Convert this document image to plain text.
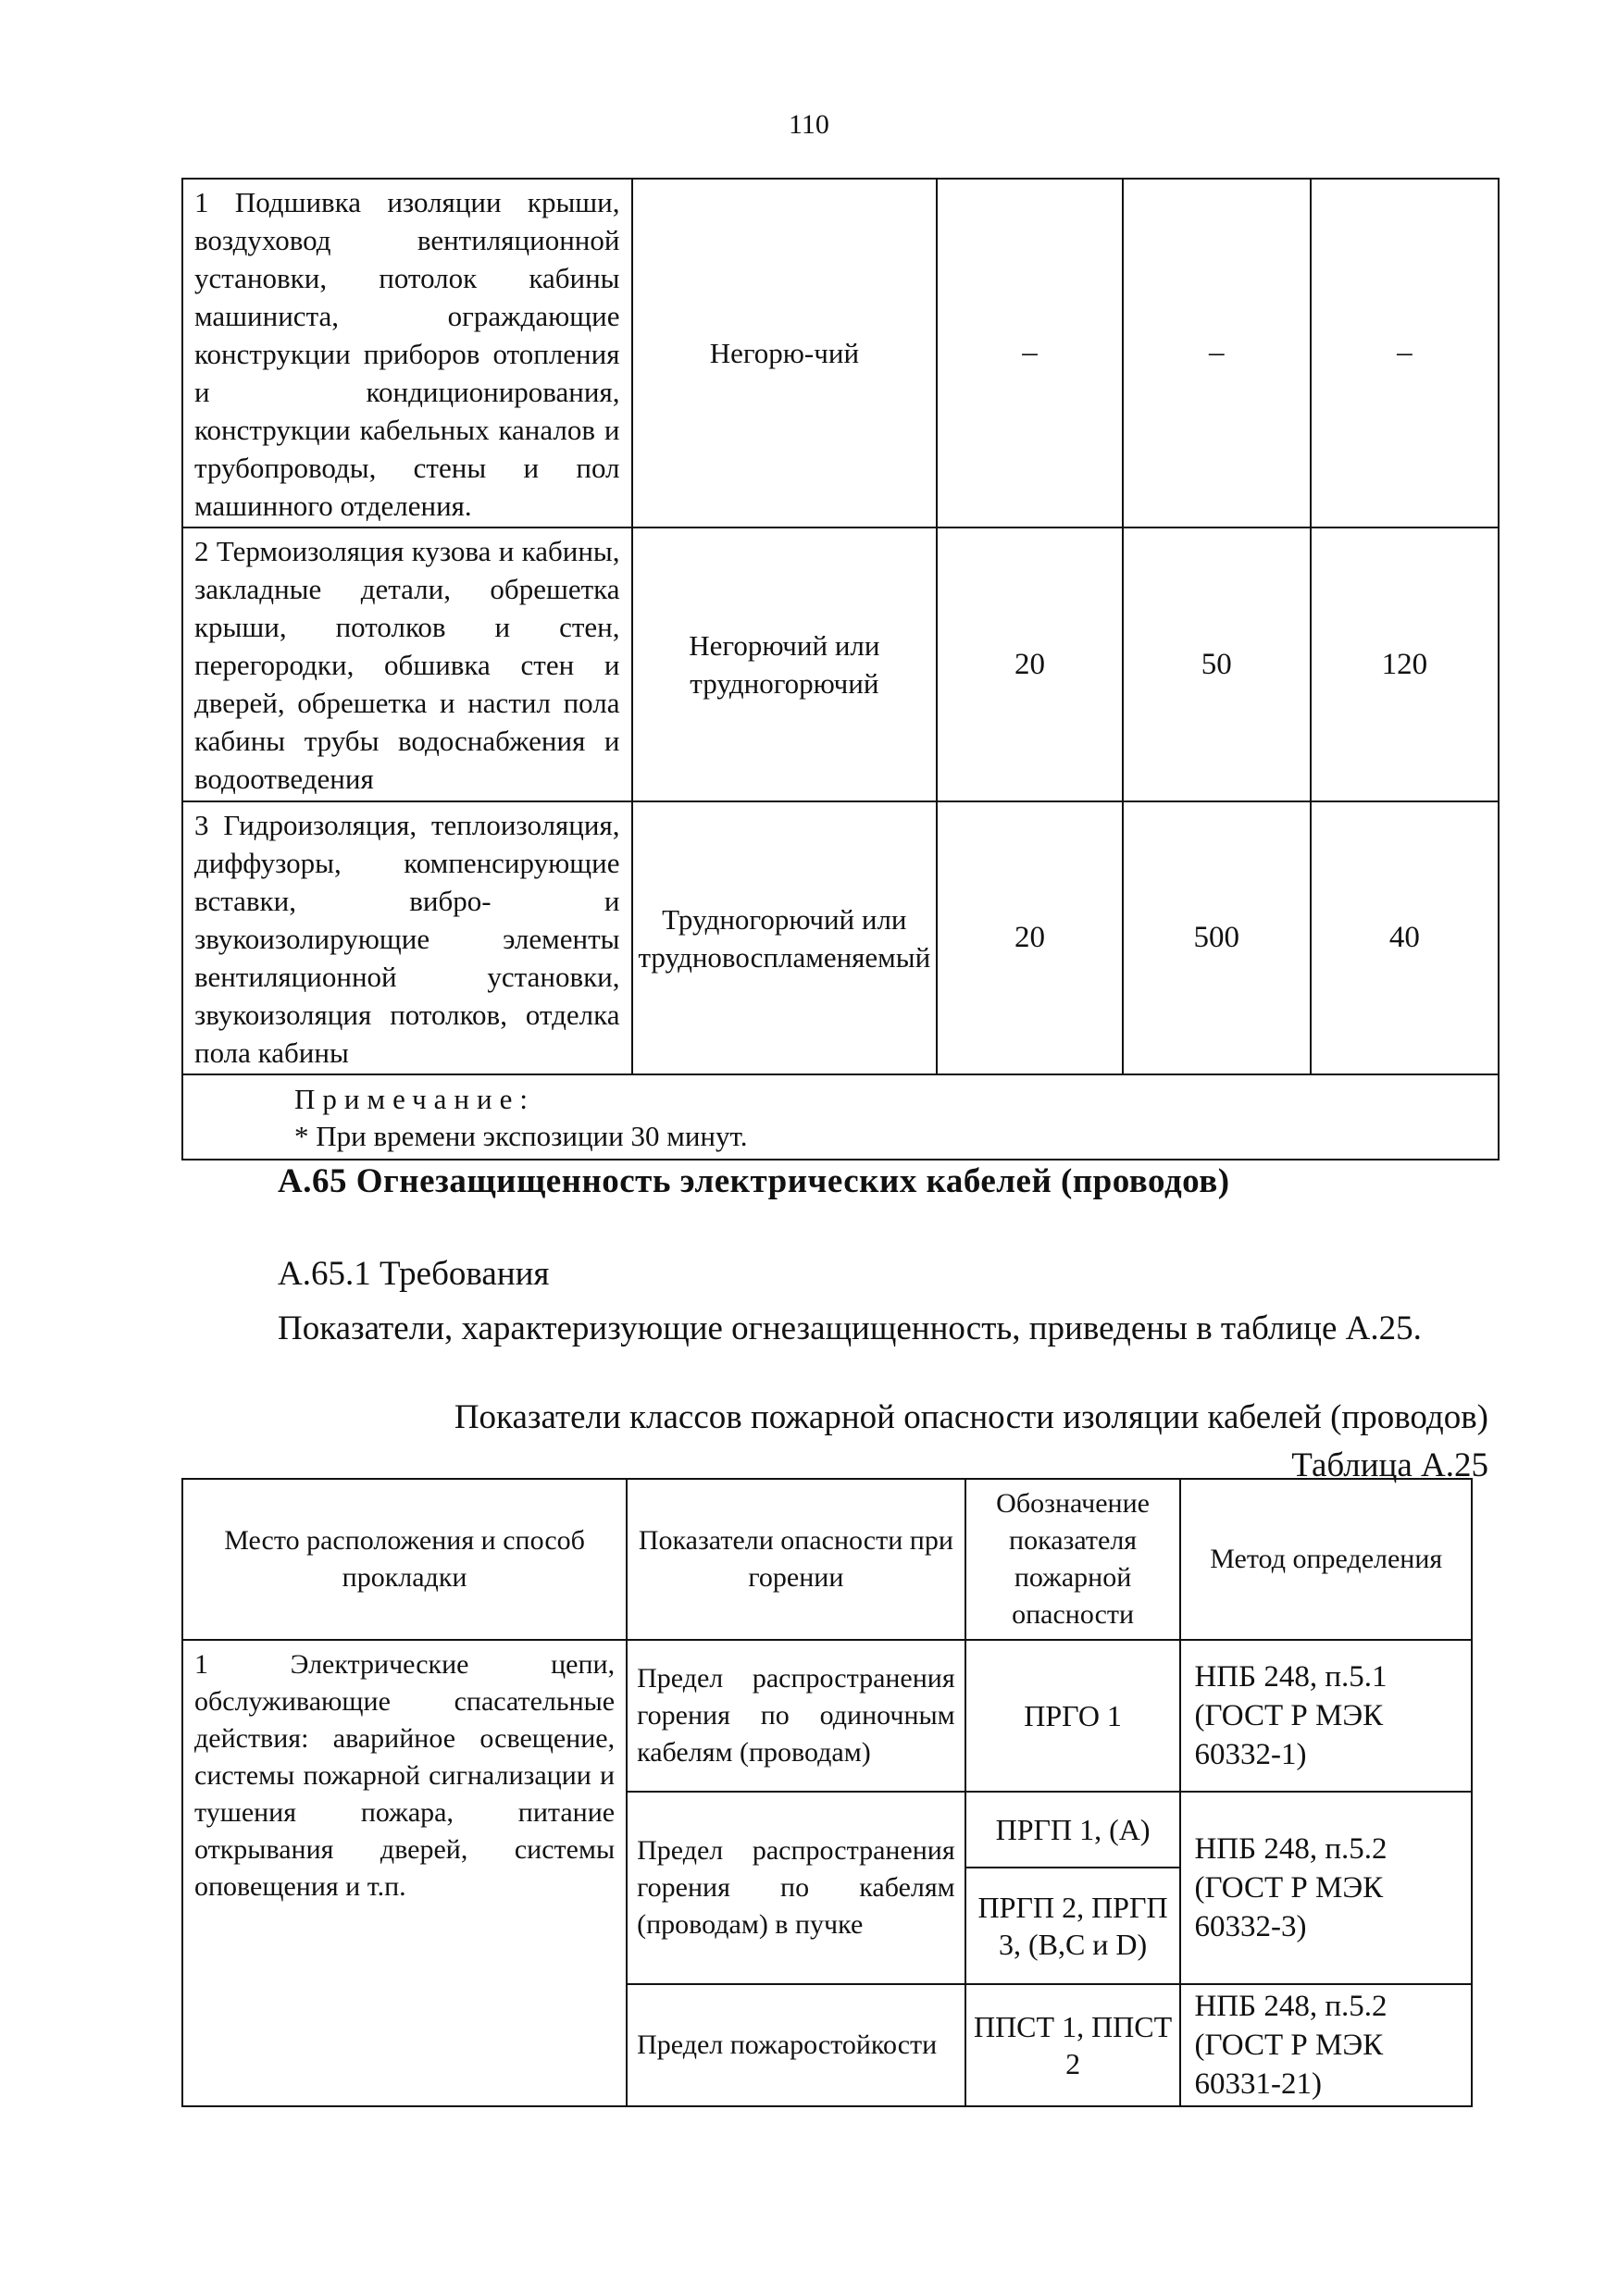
110
1 Подшивка изоляции крыши, воздуховод вентиляционной установки, потолок кабины машиниста, ограждающие конструкции приборов отопления и кондиционирования, конструкции кабельных каналов и трубопроводы, стены и пол машинного отделения.	Негорю-чий	–	–	–
2 Термоизоляция кузова и кабины, закладные детали, обрешетка крыши, потолков и стен, перегородки, обшивка стен и дверей, обрешетка и настил пола кабины трубы водоснабжения и водоотведения	Негорючий или трудногорючий	20	50	120
3 Гидроизоляция, теплоизоляция, диффузоры, компенсирующие вставки, вибро- и звукоизолирующие элементы вентиляционной установки, звукоизоляция потолков, отделка пола кабины	Трудногорючий или трудновоспламеняемый	20	500	40

Примечание:
* При времени экспозиции 30 минут.				
А.65 Огнезащищенность электрических кабелей (проводов)
А.65.1 Требования
Показатели, характеризующие огнезащищенность, приведены в таблице А.25.
Показатели классов пожарной опасности изоляции кабелей (проводов)
Таблица А.25
Место расположения и способ прокладки	Показатели опасности при горении	Обозначение показателя пожарной опасности	Метод определения
1 Электрические цепи, обслуживающие спасательные действия: аварийное освещение, системы пожарной сигнализации и тушения пожара, питание открывания дверей, системы оповещения и т.п.	Предел распространения горения по одиночным кабелям (проводам)	ПРГО 1	НПБ 248, п.5.1 (ГОСТ Р МЭК 60332-1)
	Предел распространения горения по кабелям (проводам) в пучке	ПРГП 1, (А)	НПБ 248, п.5.2 (ГОСТ Р МЭК 60332-3)
		ПРГП 2, ПРГП 3, (B,C и D)	
	Предел пожаростойкости	ППСТ 1, ППСТ 2	НПБ 248, п.5.2 (ГОСТ Р МЭК 60331-21)
